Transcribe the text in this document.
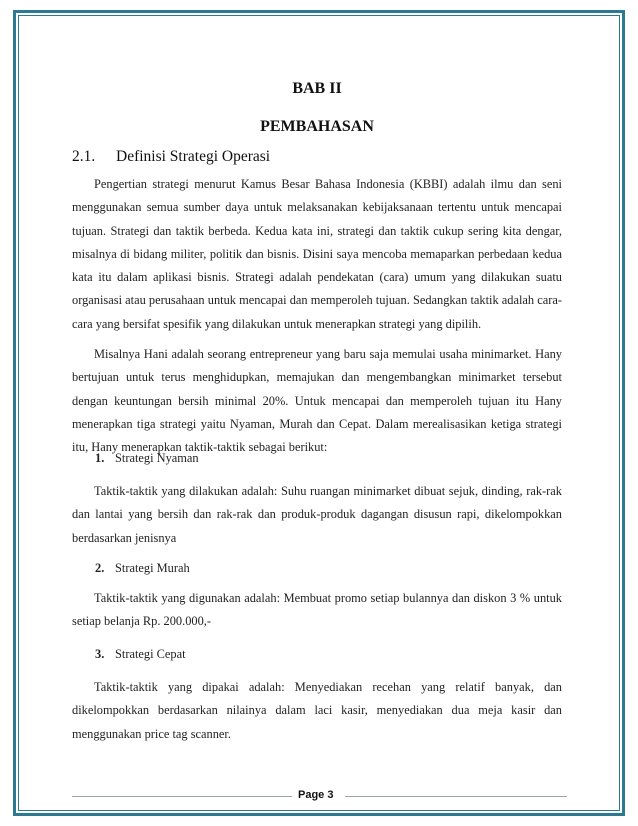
BAB II
PEMBAHASAN
2.1. Definisi Strategi Operasi

Pengertian strategi menurut Kamus Besar Bahasa Indonesia (KBBI) adalah ilmu dan seni menggunakan semua sumber daya untuk melaksanakan kebijaksanaan tertentu untuk mencapai tujuan. Strategi dan taktik berbeda. Kedua kata ini, strategi dan taktik cukup sering kita dengar, misalnya di bidang militer, politik dan bisnis. Disini saya mencoba memaparkan perbedaan kedua kata itu dalam aplikasi bisnis. Strategi adalah pendekatan (cara) umum yang dilakukan suatu organisasi atau perusahaan untuk mencapai dan memperoleh tujuan. Sedangkan taktik adalah cara-cara yang bersifat spesifik yang dilakukan untuk menerapkan strategi yang dipilih.

Misalnya Hani adalah seorang entrepreneur yang baru saja memulai usaha minimarket. Hany bertujuan untuk terus menghidupkan, memajukan dan mengembangkan minimarket tersebut dengan keuntungan bersih minimal 20%. Untuk mencapai dan memperoleh tujuan itu Hany menerapkan tiga strategi yaitu Nyaman, Murah dan Cepat. Dalam merealisasikan ketiga strategi itu, Hany menerapkan taktik-taktik sebagai berikut:

1. Strategi Nyaman

Taktik-taktik yang dilakukan adalah: Suhu ruangan minimarket dibuat sejuk, dinding, rak-rak dan lantai yang bersih dan rak-rak dan produk-produk dagangan disusun rapi, dikelompokkan berdasarkan jenisnya

2. Strategi Murah

Taktik-taktik yang digunakan adalah: Membuat promo setiap bulannya dan diskon 3 % untuk setiap belanja Rp. 200.000,-

3. Strategi Cepat

Taktik-taktik yang dipakai adalah: Menyediakan recehan yang relatif banyak, dan dikelompokkan berdasarkan nilainya dalam laci kasir, menyediakan dua meja kasir dan menggunakan price tag scanner.

Page 3
